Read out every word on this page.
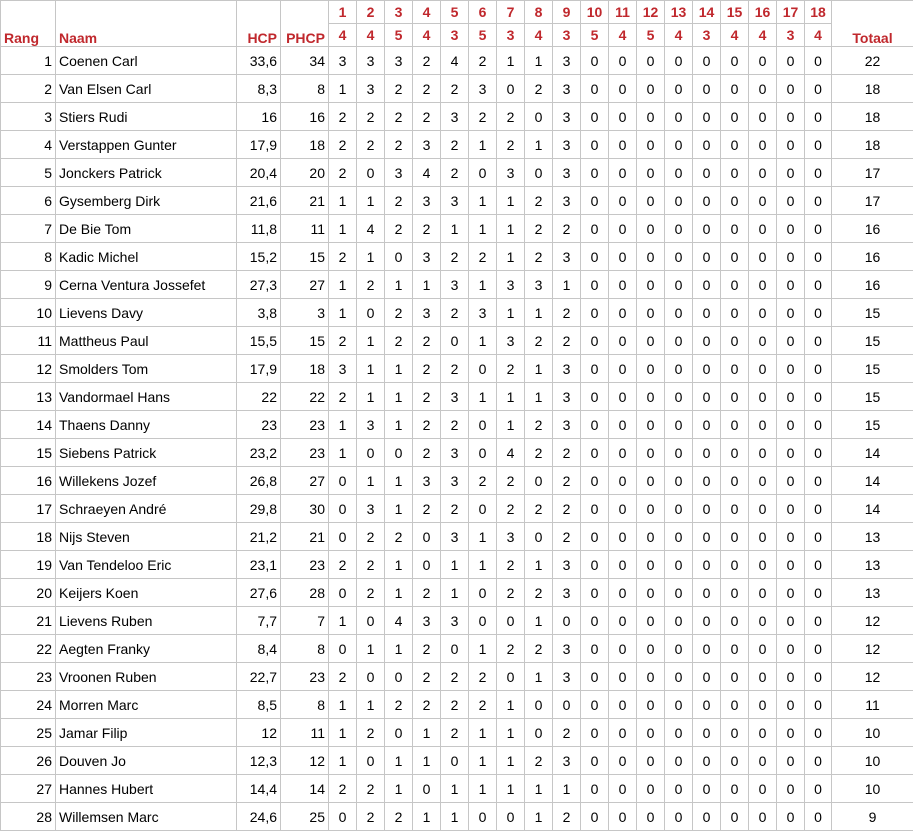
Rang	Naam	HCP	PHCP	1	2	3	4	5	6	7	8	9	10	11	12	13	14	15	16	17	18	Totaal
				4	4	5	4	3	5	3	4	3	5	4	5	4	3	4	4	3	4	
1	Coenen Carl	33,6	34	3	3	3	2	4	2	1	1	3	0	0	0	0	0	0	0	0	0	22
2	Van Elsen Carl	8,3	8	1	3	2	2	2	3	0	2	3	0	0	0	0	0	0	0	0	0	18
3	Stiers Rudi	16	16	2	2	2	2	3	2	2	0	3	0	0	0	0	0	0	0	0	0	18
4	Verstappen Gunter	17,9	18	2	2	2	3	2	1	2	1	3	0	0	0	0	0	0	0	0	0	18
5	Jonckers Patrick	20,4	20	2	0	3	4	2	0	3	0	3	0	0	0	0	0	0	0	0	0	17
6	Gysemberg Dirk	21,6	21	1	1	2	3	3	1	1	2	3	0	0	0	0	0	0	0	0	0	17
7	De Bie Tom	11,8	11	1	4	2	2	1	1	1	2	2	0	0	0	0	0	0	0	0	0	16
8	Kadic Michel	15,2	15	2	1	0	3	2	2	1	2	3	0	0	0	0	0	0	0	0	0	16
9	Cerna Ventura Jossefet	27,3	27	1	2	1	1	3	1	3	3	1	0	0	0	0	0	0	0	0	0	16
10	Lievens Davy	3,8	3	1	0	2	3	2	3	1	1	2	0	0	0	0	0	0	0	0	0	15
11	Mattheus Paul	15,5	15	2	1	2	2	0	1	3	2	2	0	0	0	0	0	0	0	0	0	15
12	Smolders Tom	17,9	18	3	1	1	2	2	0	2	1	3	0	0	0	0	0	0	0	0	0	15
13	Vandormael Hans	22	22	2	1	1	2	3	1	1	1	3	0	0	0	0	0	0	0	0	0	15
14	Thaens Danny	23	23	1	3	1	2	2	0	1	2	3	0	0	0	0	0	0	0	0	0	15
15	Siebens Patrick	23,2	23	1	0	0	2	3	0	4	2	2	0	0	0	0	0	0	0	0	0	14
16	Willekens Jozef	26,8	27	0	1	1	3	3	2	2	0	2	0	0	0	0	0	0	0	0	0	14
17	Schraeyen André	29,8	30	0	3	1	2	2	0	2	2	2	0	0	0	0	0	0	0	0	0	14
18	Nijs Steven	21,2	21	0	2	2	0	3	1	3	0	2	0	0	0	0	0	0	0	0	0	13
19	Van Tendeloo Eric	23,1	23	2	2	1	0	1	1	2	1	3	0	0	0	0	0	0	0	0	0	13
20	Keijers Koen	27,6	28	0	2	1	2	1	0	2	2	3	0	0	0	0	0	0	0	0	0	13
21	Lievens Ruben	7,7	7	1	0	4	3	3	0	0	1	0	0	0	0	0	0	0	0	0	0	12
22	Aegten Franky	8,4	8	0	1	1	2	0	1	2	2	3	0	0	0	0	0	0	0	0	0	12
23	Vroonen Ruben	22,7	23	2	0	0	2	2	2	0	1	3	0	0	0	0	0	0	0	0	0	12
24	Morren Marc	8,5	8	1	1	2	2	2	2	1	0	0	0	0	0	0	0	0	0	0	0	11
25	Jamar Filip	12	11	1	2	0	1	2	1	1	0	2	0	0	0	0	0	0	0	0	0	10
26	Douven Jo	12,3	12	1	0	1	1	0	1	1	2	3	0	0	0	0	0	0	0	0	0	10
27	Hannes Hubert	14,4	14	2	2	1	0	1	1	1	1	1	0	0	0	0	0	0	0	0	0	10
28	Willemsen Marc	24,6	25	0	2	2	1	1	0	0	1	2	0	0	0	0	0	0	0	0	0	9
